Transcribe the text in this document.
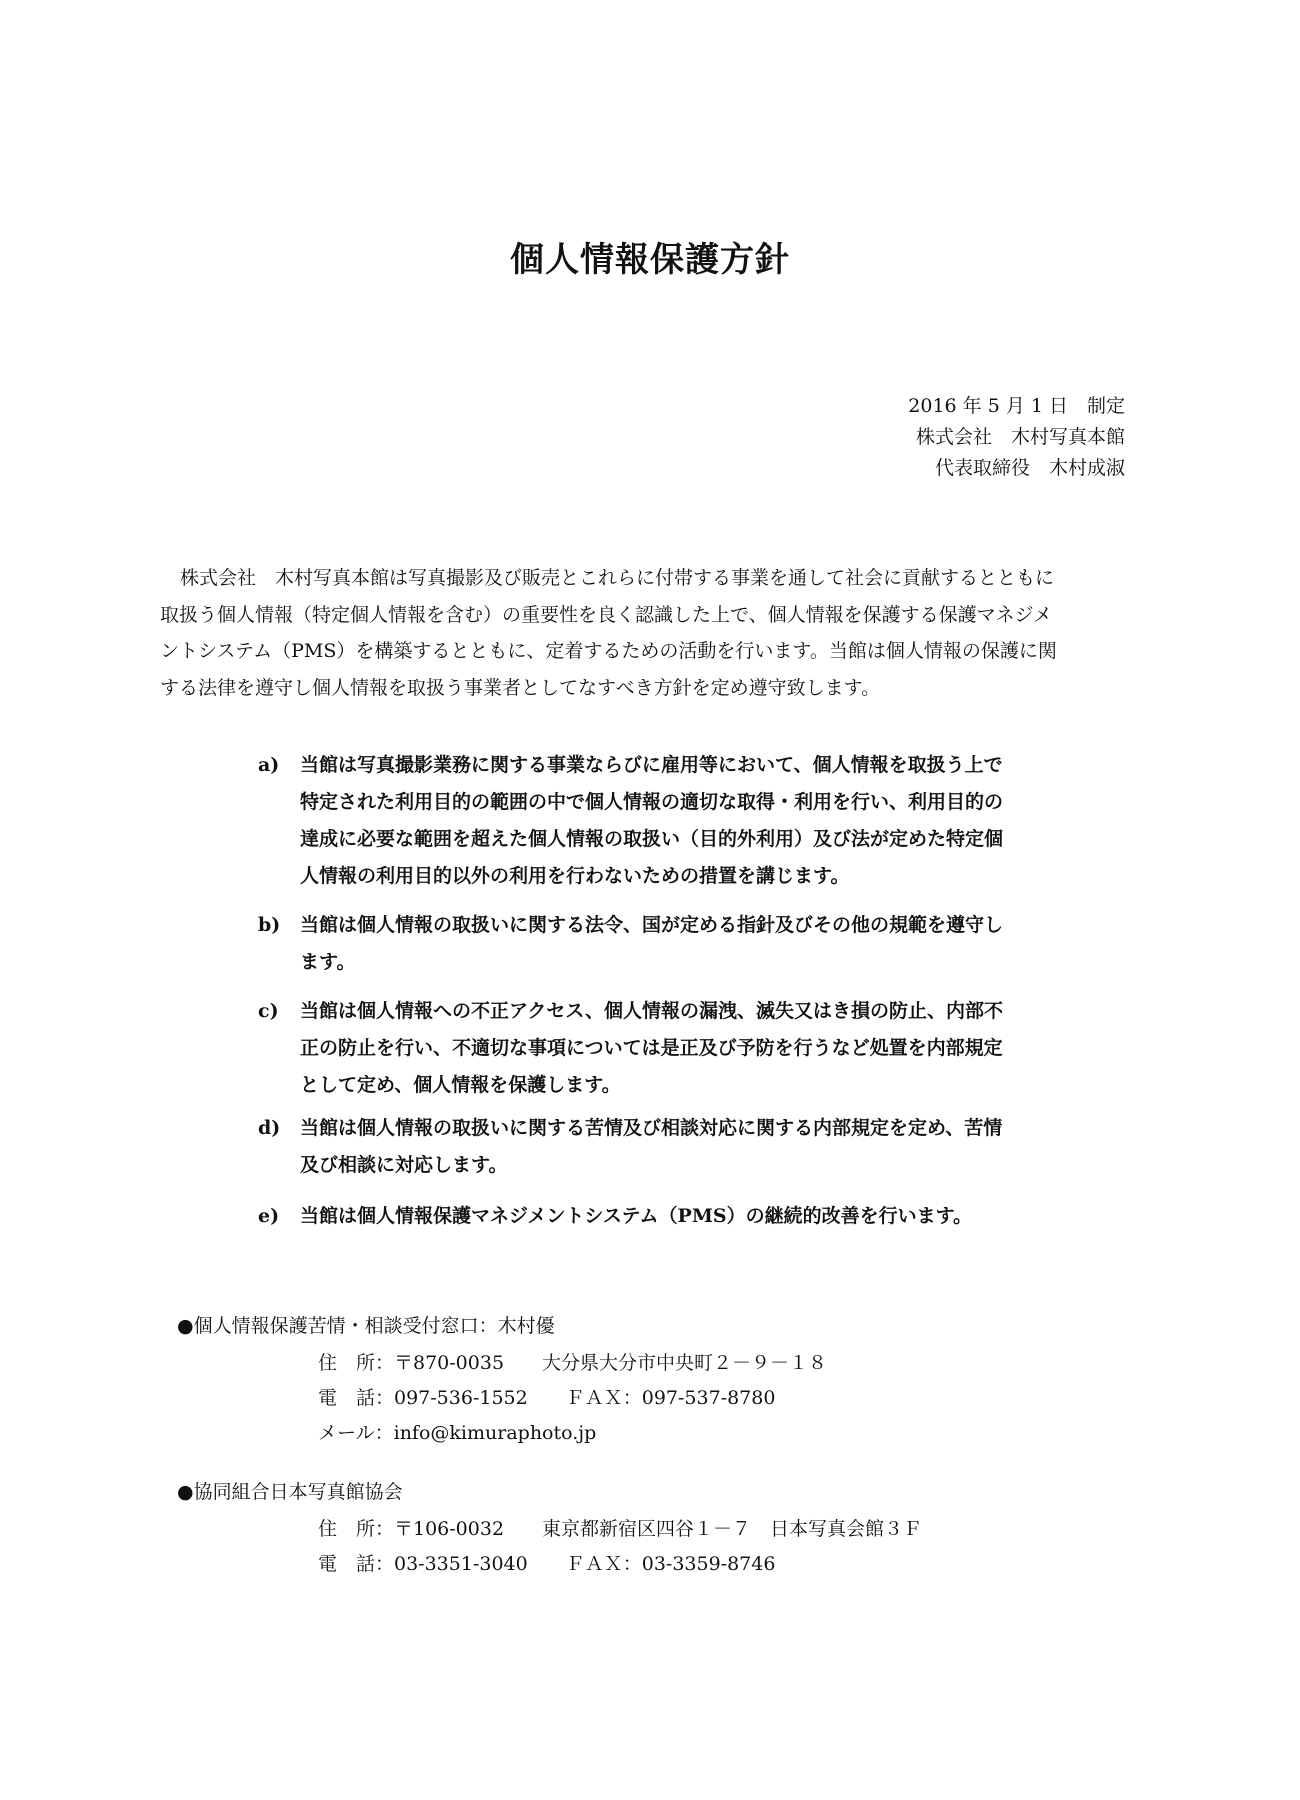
個人情報保護方針
2016 年 5 月 1 日　制定
株式会社　木村写真本館
代表取締役　木村成淑
株式会社　木村写真本館は写真撮影及び販売とこれらに付帯する事業を通して社会に貢献するとともに
取扱う個人情報（特定個人情報を含む）の重要性を良く認識した上で、個人情報を保護する保護マネジメ
ントシステム（PMS）を構築するとともに、定着するための活動を行います。当館は個人情報の保護に関
する法律を遵守し個人情報を取扱う事業者としてなすべき方針を定め遵守致します。
a) 当館は写真撮影業務に関する事業ならびに雇用等において、個人情報を取扱う上で
特定された利用目的の範囲の中で個人情報の適切な取得・利用を行い、利用目的の
達成に必要な範囲を超えた個人情報の取扱い（目的外利用）及び法が定めた特定個
人情報の利用目的以外の利用を行わないための措置を講じます。
b) 当館は個人情報の取扱いに関する法令、国が定める指針及びその他の規範を遵守し
ます。
c) 当館は個人情報への不正アクセス、個人情報の漏洩、滅失又はき損の防止、内部不
正の防止を行い、不適切な事項については是正及び予防を行うなど処置を内部規定
として定め、個人情報を保護します。
d) 当館は個人情報の取扱いに関する苦情及び相談対応に関する内部規定を定め、苦情
及び相談に対応します。
e) 当館は個人情報保護マネジメントシステム（PMS）の継続的改善を行います。
●個人情報保護苦情・相談受付窓口：木村優
住　所：〒870-0035　　大分県大分市中央町２－９－１８
電　話：097-536-1552　　ＦＡＸ：097-537-8780
メール：info@kimuraphoto.jp
●協同組合日本写真館協会
住　所：〒106-0032　　東京都新宿区四谷１－７　日本写真会館３Ｆ
電　話：03-3351-3040　　ＦＡＸ：03-3359-8746
